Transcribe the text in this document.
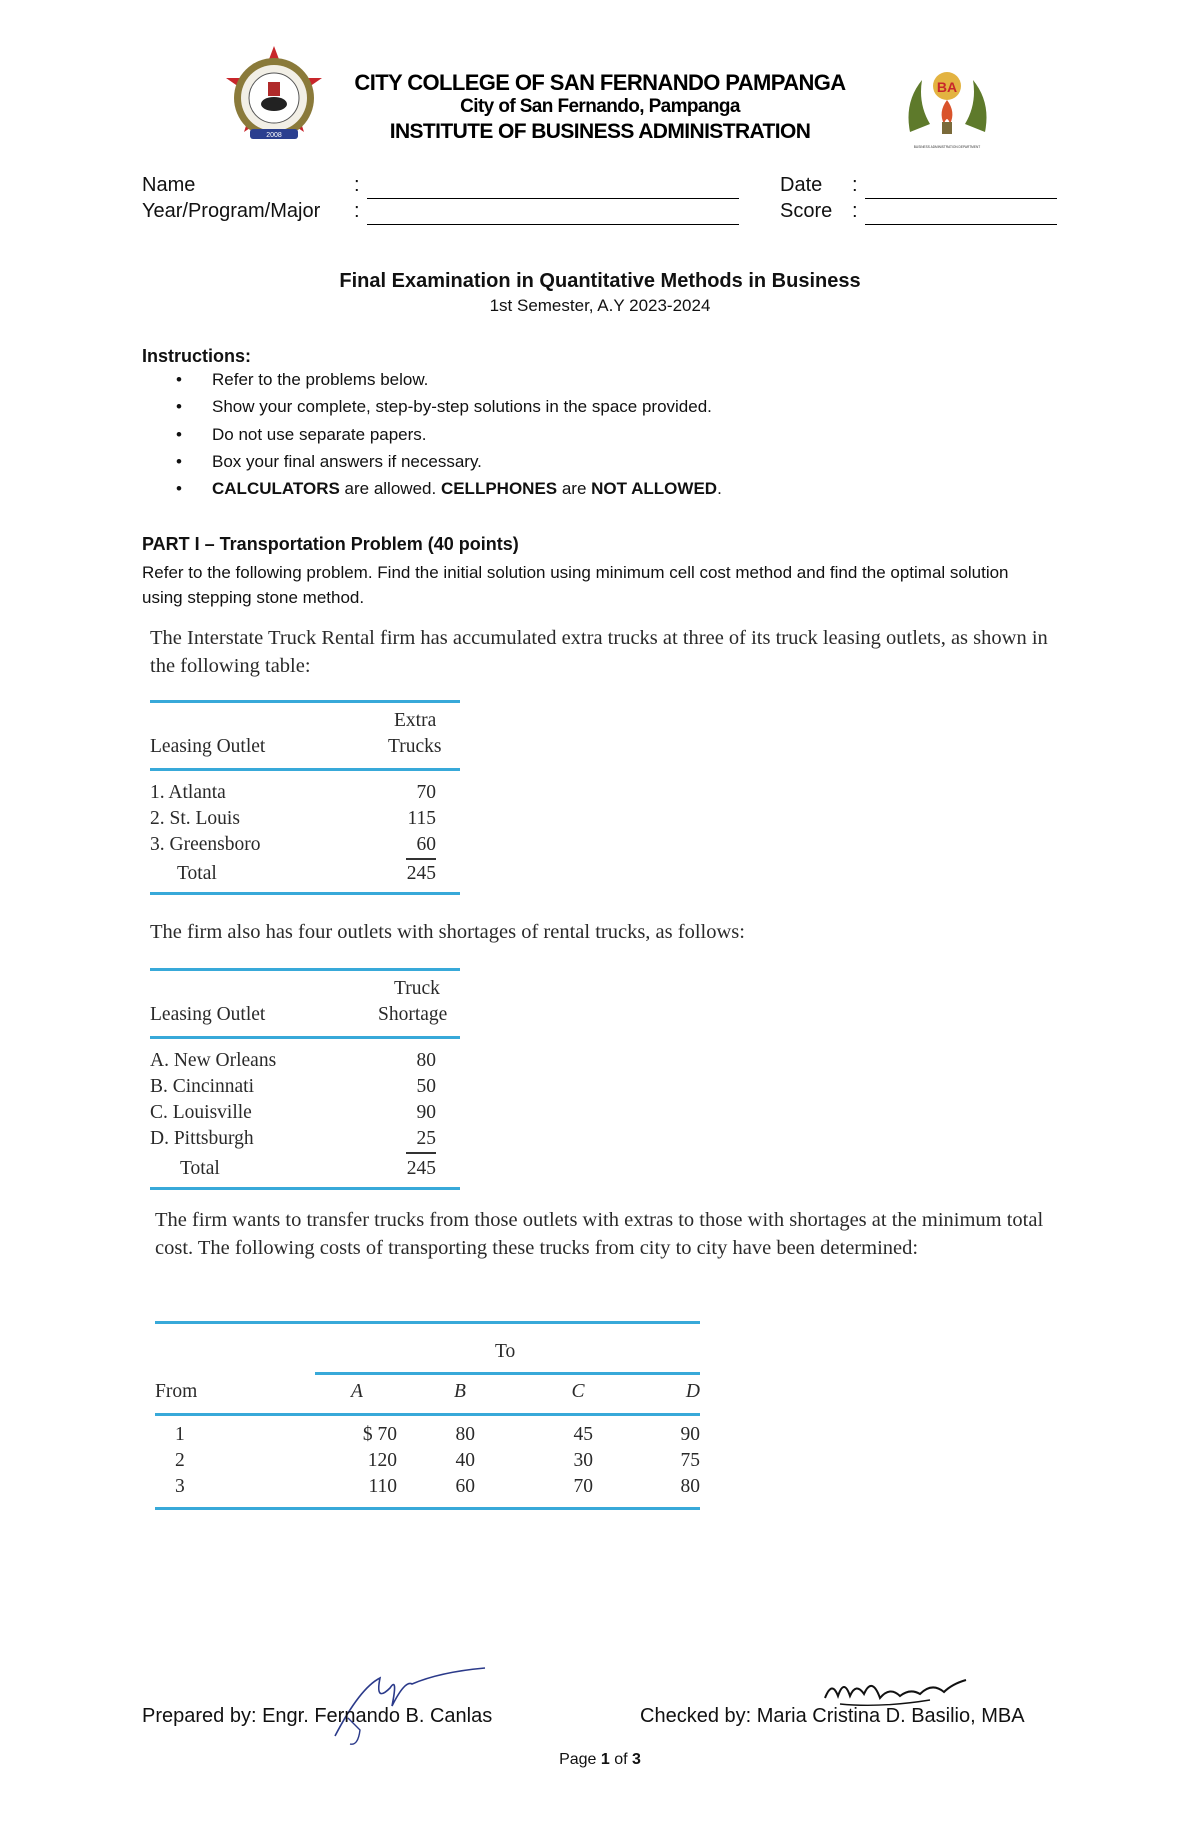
2008
CITY COLLEGE OF SAN FERNANDO PAMPANGA
City of San Fernando, Pampanga
INSTITUTE OF BUSINESS ADMINISTRATION
BA
BUSINESS ADMINISTRATION DEPARTMENT
Name	:
Year/Program/Major :
Date :
Score :
Final Examination in Quantitative Methods in Business
1st Semester, A.Y 2023-2024
Instructions:
• Refer to the problems below.
• Show your complete, step-by-step solutions in the space provided.
• Do not use separate papers.
• Box your final answers if necessary.
• CALCULATORS are allowed. CELLPHONES are NOT ALLOWED.
PART I – Transportation Problem (40 points)
Refer to the following problem. Find the initial solution using minimum cell cost method and find the optimal solution using stepping stone method.
The Interstate Truck Rental firm has accumulated extra trucks at three of its truck leasing outlets, as shown in the following table:
Extra
Leasing Outlet	Trucks
1. Atlanta	70
2. St. Louis	115
3. Greensboro	60
Total	245
The firm also has four outlets with shortages of rental trucks, as follows:
Truck
Leasing Outlet	Shortage
A. New Orleans	80
B. Cincinnati	50
C. Louisville	90
D. Pittsburgh	25
Total	245
The firm wants to transfer trucks from those outlets with extras to those with shortages at the minimum total cost. The following costs of transporting these trucks from city to city have been determined:
To
From	A	B	C	D
1	$ 70	80	45	90
2	120	40	30	75
3	110	60	70	80
Prepared by: Engr. Fernando B. Canlas	Checked by: Maria Cristina D. Basilio, MBA
Page 1 of 3
